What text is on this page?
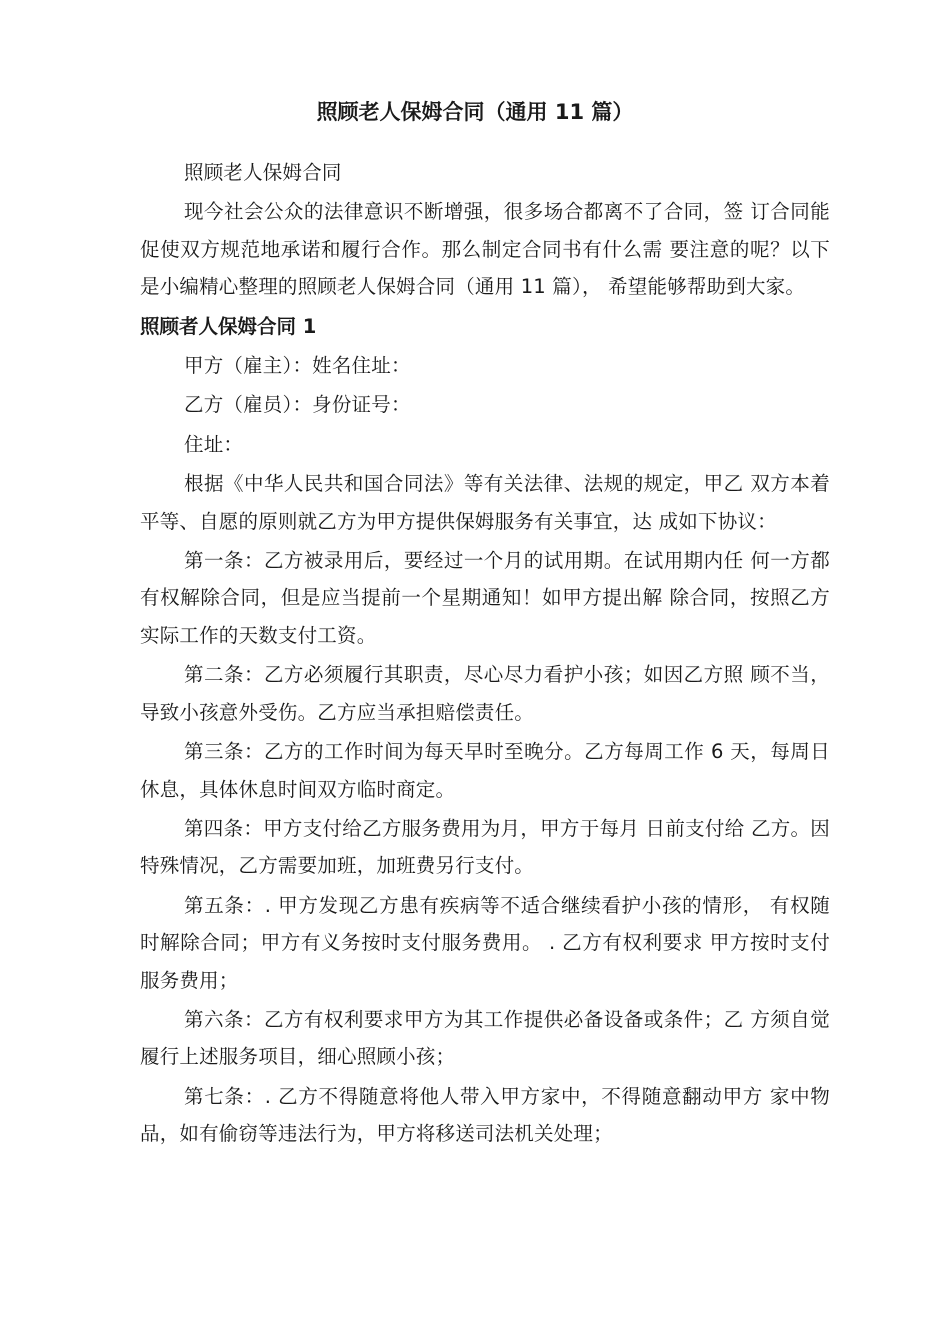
照顾老人保姆合同（通用 11 篇）

照顾老人保姆合同

现今社会公众的法律意识不断增强，很多场合都离不了合同，签 订合同能促使双方规范地承诺和履行合作。那么制定合同书有什么需 要注意的呢？以下是小编精心整理的照顾老人保姆合同（通用 11 篇）， 希望能够帮助到大家。

照顾者人保姆合同 1

甲方（雇主）：姓名住址：

乙方（雇员）：身份证号：

住址：

根据《中华人民共和国合同法》等有关法律、法规的规定，甲乙 双方本着平等、自愿的原则就乙方为甲方提供保姆服务有关事宜，达 成如下协议：

第一条：乙方被录用后，要经过一个月的试用期。在试用期内任 何一方都有权解除合同，但是应当提前一个星期通知！如甲方提出解 除合同，按照乙方实际工作的天数支付工资。

第二条：乙方必须履行其职责，尽心尽力看护小孩；如因乙方照 顾不当，导致小孩意外受伤。乙方应当承担赔偿责任。

第三条：乙方的工作时间为每天早时至晚分。乙方每周工作 6 天，每周日休息，具体休息时间双方临时商定。

第四条：甲方支付给乙方服务费用为月，甲方于每月 日前支付给 乙方。因特殊情况，乙方需要加班，加班费另行支付。

第五条：. 甲方发现乙方患有疾病等不适合继续看护小孩的情形， 有权随时解除合同；甲方有义务按时支付服务费用。 . 乙方有权利要求 甲方按时支付服务费用；

第六条：乙方有权利要求甲方为其工作提供必备设备或条件；乙 方须自觉履行上述服务项目，细心照顾小孩；

第七条：. 乙方不得随意将他人带入甲方家中，不得随意翻动甲方 家中物品，如有偷窃等违法行为，甲方将移送司法机关处理；
